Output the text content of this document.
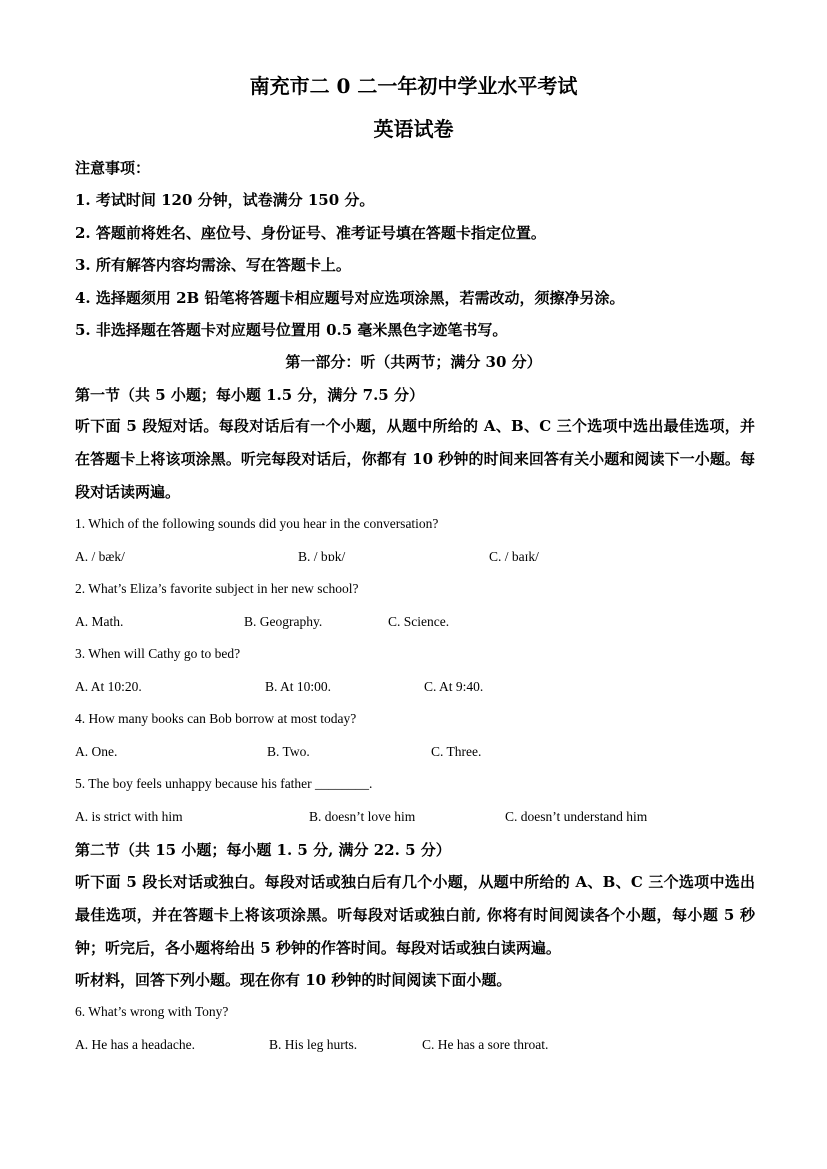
南充市二 0 二一年初中学业水平考试
英语试卷
注意事项：
1. 考试时间 120 分钟，试卷满分 150 分。
2. 答题前将姓名、座位号、身份证号、准考证号填在答题卡指定位置。
3. 所有解答内容均需涂、写在答题卡上。
4. 选择题须用 2B 铅笔将答题卡相应题号对应选项涂黑，若需改动，须擦净另涂。
5. 非选择题在答题卡对应题号位置用 0.5 毫米黑色字迹笔书写。
第一部分：听（共两节；满分 30 分）
第一节（共 5 小题；每小题 1.5 分，满分 7.5 分）
听下面 5 段短对话。每段对话后有一个小题，从题中所给的 A、B、C 三个选项中选出最佳选项，并在答题卡上将该项涂黑。听完每段对话后，你都有 10 秒钟的时间来回答有关小题和阅读下一小题。每段对话读两遍。
1. Which of the following sounds did you hear in the conversation?
A. / bæk/	B. / bɒk/	C. / baɪk/
2. What’s Eliza’s favorite subject in her new school?
A. Math.	B. Geography.	C. Science.
3. When will Cathy go to bed?
A. At 10:20.	B. At 10:00.	C. At 9:40.
4. How many books can Bob borrow at most today?
A. One.	B. Two.	C. Three.
5. The boy feels unhappy because his father ________.
A. is strict with him	B. doesn’t love him	C. doesn’t understand him
第二节（共 15 小题；每小题 1. 5 分, 满分 22. 5 分）
听下面 5 段长对话或独白。每段对话或独白后有几个小题，从题中所给的 A、B、C 三个选项中选出最佳选项，并在答题卡上将该项涂黑。听每段对话或独白前, 你将有时间阅读各个小题，每小题 5 秒钟；听完后，各小题将给出 5 秒钟的作答时间。每段对话或独白读两遍。
听材料，回答下列小题。现在你有 10 秒钟的时间阅读下面小题。
6. What’s wrong with Tony?
A. He has a headache.	B. His leg hurts.	C. He has a sore throat.
